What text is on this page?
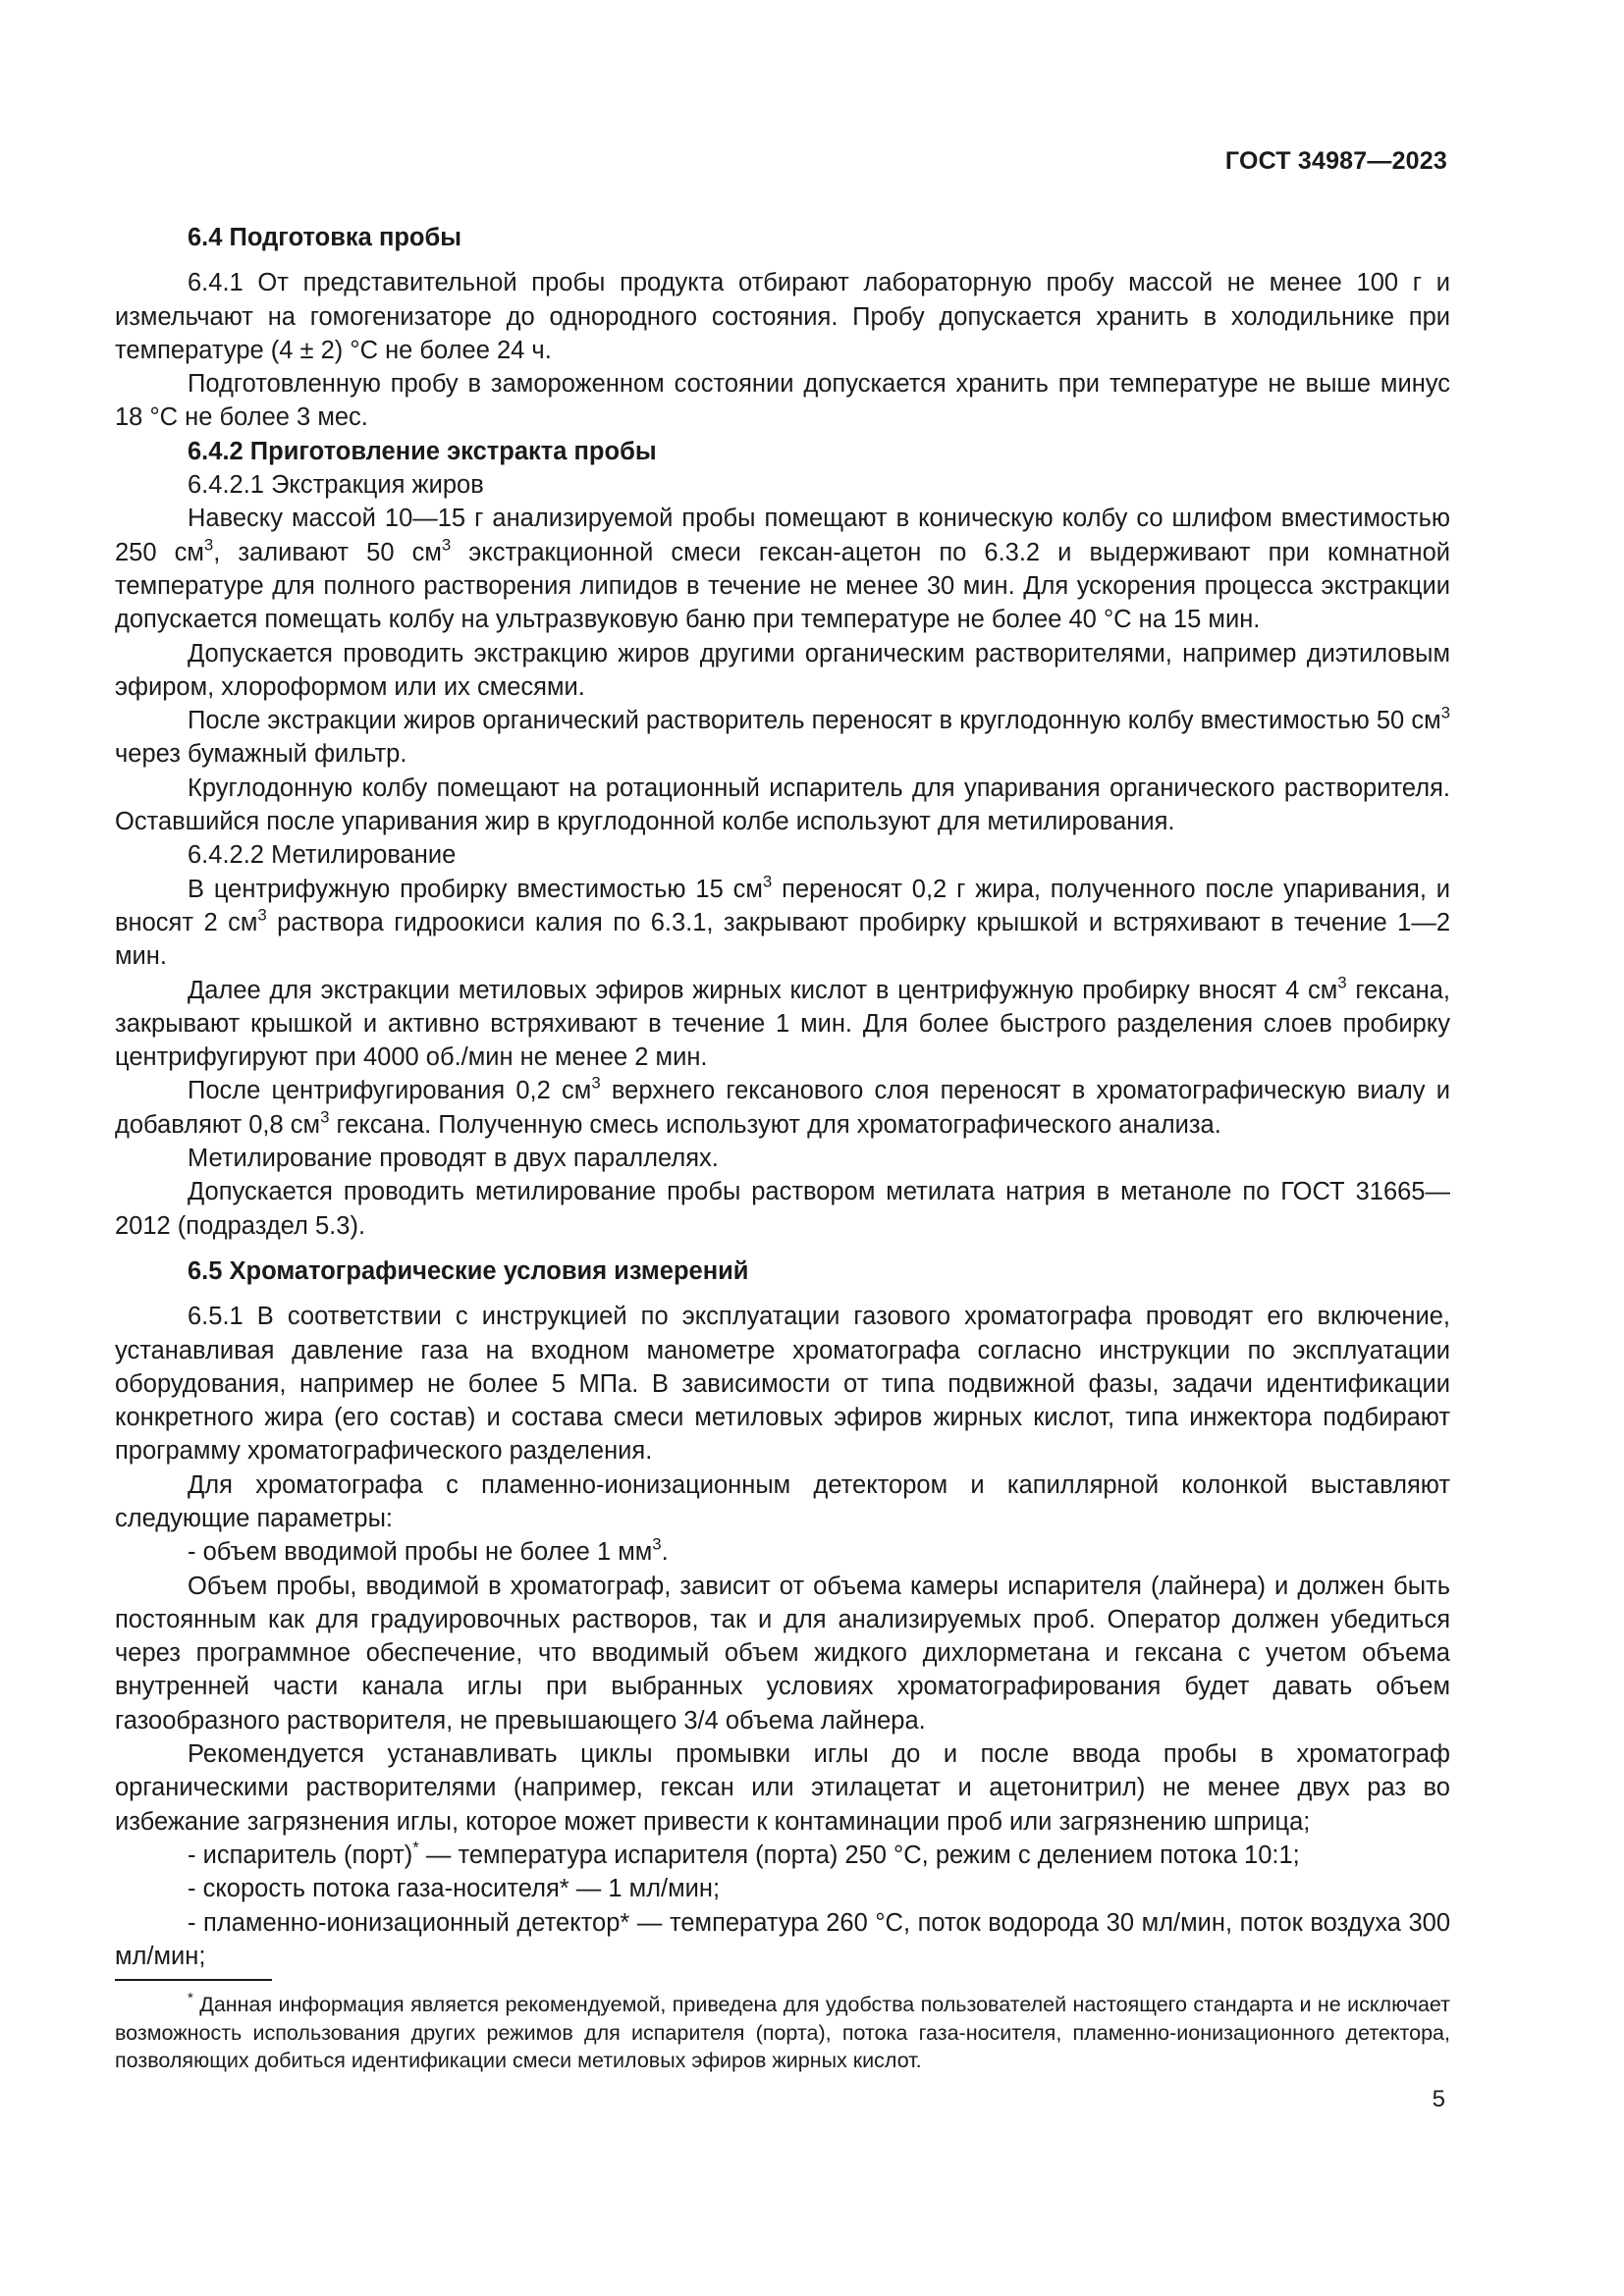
ГОСТ 34987—2023

6.4 Подготовка пробы

6.4.1 От представительной пробы продукта отбирают лабораторную пробу массой не менее 100 г и измельчают на гомогенизаторе до однородного состояния. Пробу допускается хранить в холодильнике при температуре (4 ± 2) °С не более 24 ч.

Подготовленную пробу в замороженном состоянии допускается хранить при температуре не выше минус 18 °С не более 3 мес.

6.4.2 Приготовление экстракта пробы

6.4.2.1 Экстракция жиров

Навеску массой 10—15 г анализируемой пробы помещают в коническую колбу со шлифом вместимостью 250 $см^3$, заливают 50 $см^3$ экстракционной смеси гексан-ацетон по 6.3.2 и выдерживают при комнатной температуре для полного растворения липидов в течение не менее 30 мин. Для ускорения процесса экстракции допускается помещать колбу на ультразвуковую баню при температуре не более 40 °С на 15 мин.

Допускается проводить экстракцию жиров другими органическим растворителями, например диэтиловым эфиром, хлороформом или их смесями.

После экстракции жиров органический растворитель переносят в круглодонную колбу вместимостью 50 $см^3$ через бумажный фильтр.

Круглодонную колбу помещают на ротационный испаритель для упаривания органического растворителя. Оставшийся после упаривания жир в круглодонной колбе используют для метилирования.

6.4.2.2 Метилирование

В центрифужную пробирку вместимостью 15 $см^3$ переносят 0,2 г жира, полученного после упаривания, и вносят 2 $см^3$ раствора гидроокиси калия по 6.3.1, закрывают пробирку крышкой и встряхивают в течение 1—2 мин.

Далее для экстракции метиловых эфиров жирных кислот в центрифужную пробирку вносят 4 $см^3$ гексана, закрывают крышкой и активно встряхивают в течение 1 мин. Для более быстрого разделения слоев пробирку центрифугируют при 4000 об./мин не менее 2 мин.

После центрифугирования 0,2 $см^3$ верхнего гексанового слоя переносят в хроматографическую виалу и добавляют 0,8 $см^3$ гексана. Полученную смесь используют для хроматографического анализа.

Метилирование проводят в двух параллелях.

Допускается проводить метилирование пробы раствором метилата натрия в метаноле по ГОСТ 31665—2012 (подраздел 5.3).

6.5 Хроматографические условия измерений

6.5.1 В соответствии с инструкцией по эксплуатации газового хроматографа проводят его включение, устанавливая давление газа на входном манометре хроматографа согласно инструкции по эксплуатации оборудования, например не более 5 МПа. В зависимости от типа подвижной фазы, задачи идентификации конкретного жира (его состав) и состава смеси метиловых эфиров жирных кислот, типа инжектора подбирают программу хроматографического разделения.

Для хроматографа с пламенно-ионизационным детектором и капиллярной колонкой выставляют следующие параметры:

- объем вводимой пробы не более 1 $мм^3$.

Объем пробы, вводимой в хроматограф, зависит от объема камеры испарителя (лайнера) и должен быть постоянным как для градуировочных растворов, так и для анализируемых проб. Оператор должен убедиться через программное обеспечение, что вводимый объем жидкого дихлорметана и гексана с учетом объема внутренней части канала иглы при выбранных условиях хроматографирования будет давать объем газообразного растворителя, не превышающего 3/4 объема лайнера.

Рекомендуется устанавливать циклы промывки иглы до и после ввода пробы в хроматограф органическими растворителями (например, гексан или этилацетат и ацетонитрил) не менее двух раз во избежание загрязнения иглы, которое может привести к контаминации проб или загрязнению шприца;

- испаритель (порт)* — температура испарителя (порта) 250 °С, режим с делением потока 10:1;

- скорость потока газа-носителя* — 1 мл/мин;

- пламенно-ионизационный детектор* — температура 260 °С, поток водорода 30 мл/мин, поток воздуха 300 мл/мин;

* Данная информация является рекомендуемой, приведена для удобства пользователей настоящего стандарта и не исключает возможность использования других режимов для испарителя (порта), потока газа-носителя, пламенно-ионизационного детектора, позволяющих добиться идентификации смеси метиловых эфиров жирных кислот.
5
